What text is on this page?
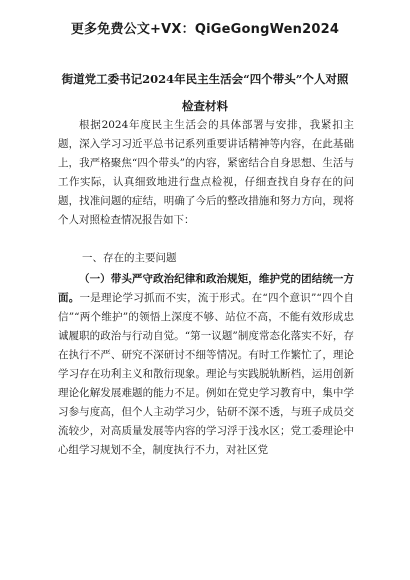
更多免费公文+VX：QiGeGongWen2024
街道党工委书记2024年民主生活会“四个带头”个人对照检查材料
根据2024年度民主生活会的具体部署与安排，我紧扣主题，深入学习习近平总书记系列重要讲话精神等内容，在此基础上，我严格聚焦“四个带头”的内容，紧密结合自身思想、生活与工作实际，认真细致地进行盘点检视，仔细查找自身存在的问题，找准问题的症结，明确了今后的整改措施和努力方向，现将个人对照检查情况报告如下：
一、存在的主要问题
（一）带头严守政治纪律和政治规矩，维护党的团结统一方面。一是理论学习抓而不实，流于形式。在“四个意识”“四个自信”“两个维护”的领悟上深度不够、站位不高，不能有效形成忠诚履职的政治与行动自觉。“第一议题”制度常态化落实不好，存在执行不严、研究不深研讨不细等情况。有时工作繁忙了，理论学习存在功利主义和散衍现象。理论与实践脱轨断档，运用创新理论化解发展难题的能力不足。例如在党史学习教育中，集中学习参与度高，但个人主动学习少，钻研不深不透，与班子成员交流较少，对高质量发展等内容的学习浮于浅水区；党工委理论中心组学习规划不全，制度执行不力，对社区党
